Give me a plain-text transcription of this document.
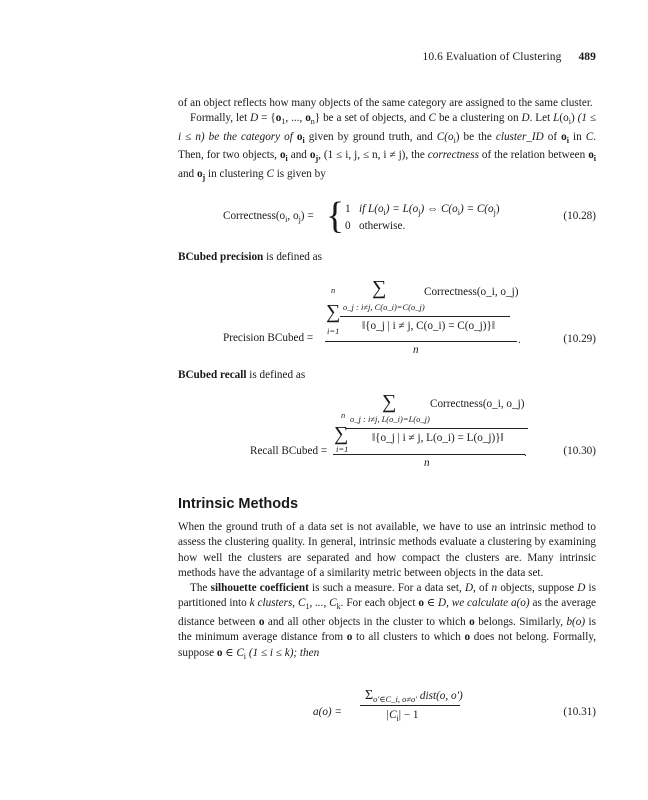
10.6 Evaluation of Clustering 489

of an object reflects how many objects of the same category are assigned to the same cluster.

Formally, let $D = \{o_1$, ..., $o_n$} be a set of objects, and C be a clustering on D. Let $L(o_i) (1 \le i \le n)$ be the category of $o_i$ given by ground truth, and $C(o_i)$ be the cluster_ID of $o_i$ in C. Then, for two objects, $o_i$ and $o_j$, (1 ≤ i, j, ≤ n, i ≠ j), the correctness of the relation between $o_i$ and $o_j$ in clustering C is given by

$Correctness(o_i$, $o_j$) = { 1 if $L(o_i) = L(o_j)$ ⇔ $C(o_i) = C(o_j)$
0 otherwise.
(10.28)
BCubed precision is defined as
∑	Correctness(o_i, o_j)
o_j : i≠j, C(o_i)=C(o_j)
‖{o_j | i ≠ j, C(o_i) = C(o_j)}‖
n
∑
i=1
Precision BCubed =
n
.	(10.29)
BCubed recall is defined as
∑	Correctness(o_i, o_j)
o_j : i≠j, L(o_i)=L(o_j)
‖{o_j | i ≠ j, L(o_i) = L(o_j)}‖
n
∑
i=1
Recall BCubed =
n
.	(10.30)
Intrinsic Methods

When the ground truth of a data set is not available, we have to use an intrinsic method to assess the clustering quality. In general, intrinsic methods evaluate a clustering by examining how well the clusters are separated and how compact the clusters are. Many intrinsic methods have the advantage of a similarity metric between objects in the data set.

The silhouette coefficient is such a measure. For a data set, D, of n objects, suppose D is partitioned into k clusters, $C_1$, ..., $C_k$. For each object o ∈ D, we calculate a(o) as the average distance between o and all other objects in the cluster to which o belongs. Similarly, b(o) is the minimum average distance from o to all clusters to which o does not belong. Formally, suppose o ∈ $C_i$ (1 ≤ i ≤ k); then

a(o) =
$\Sigma_{o'\in C\_i, o\ne o'}$ dist(o, o′)
$|C_i| - 1$	(10.31)
